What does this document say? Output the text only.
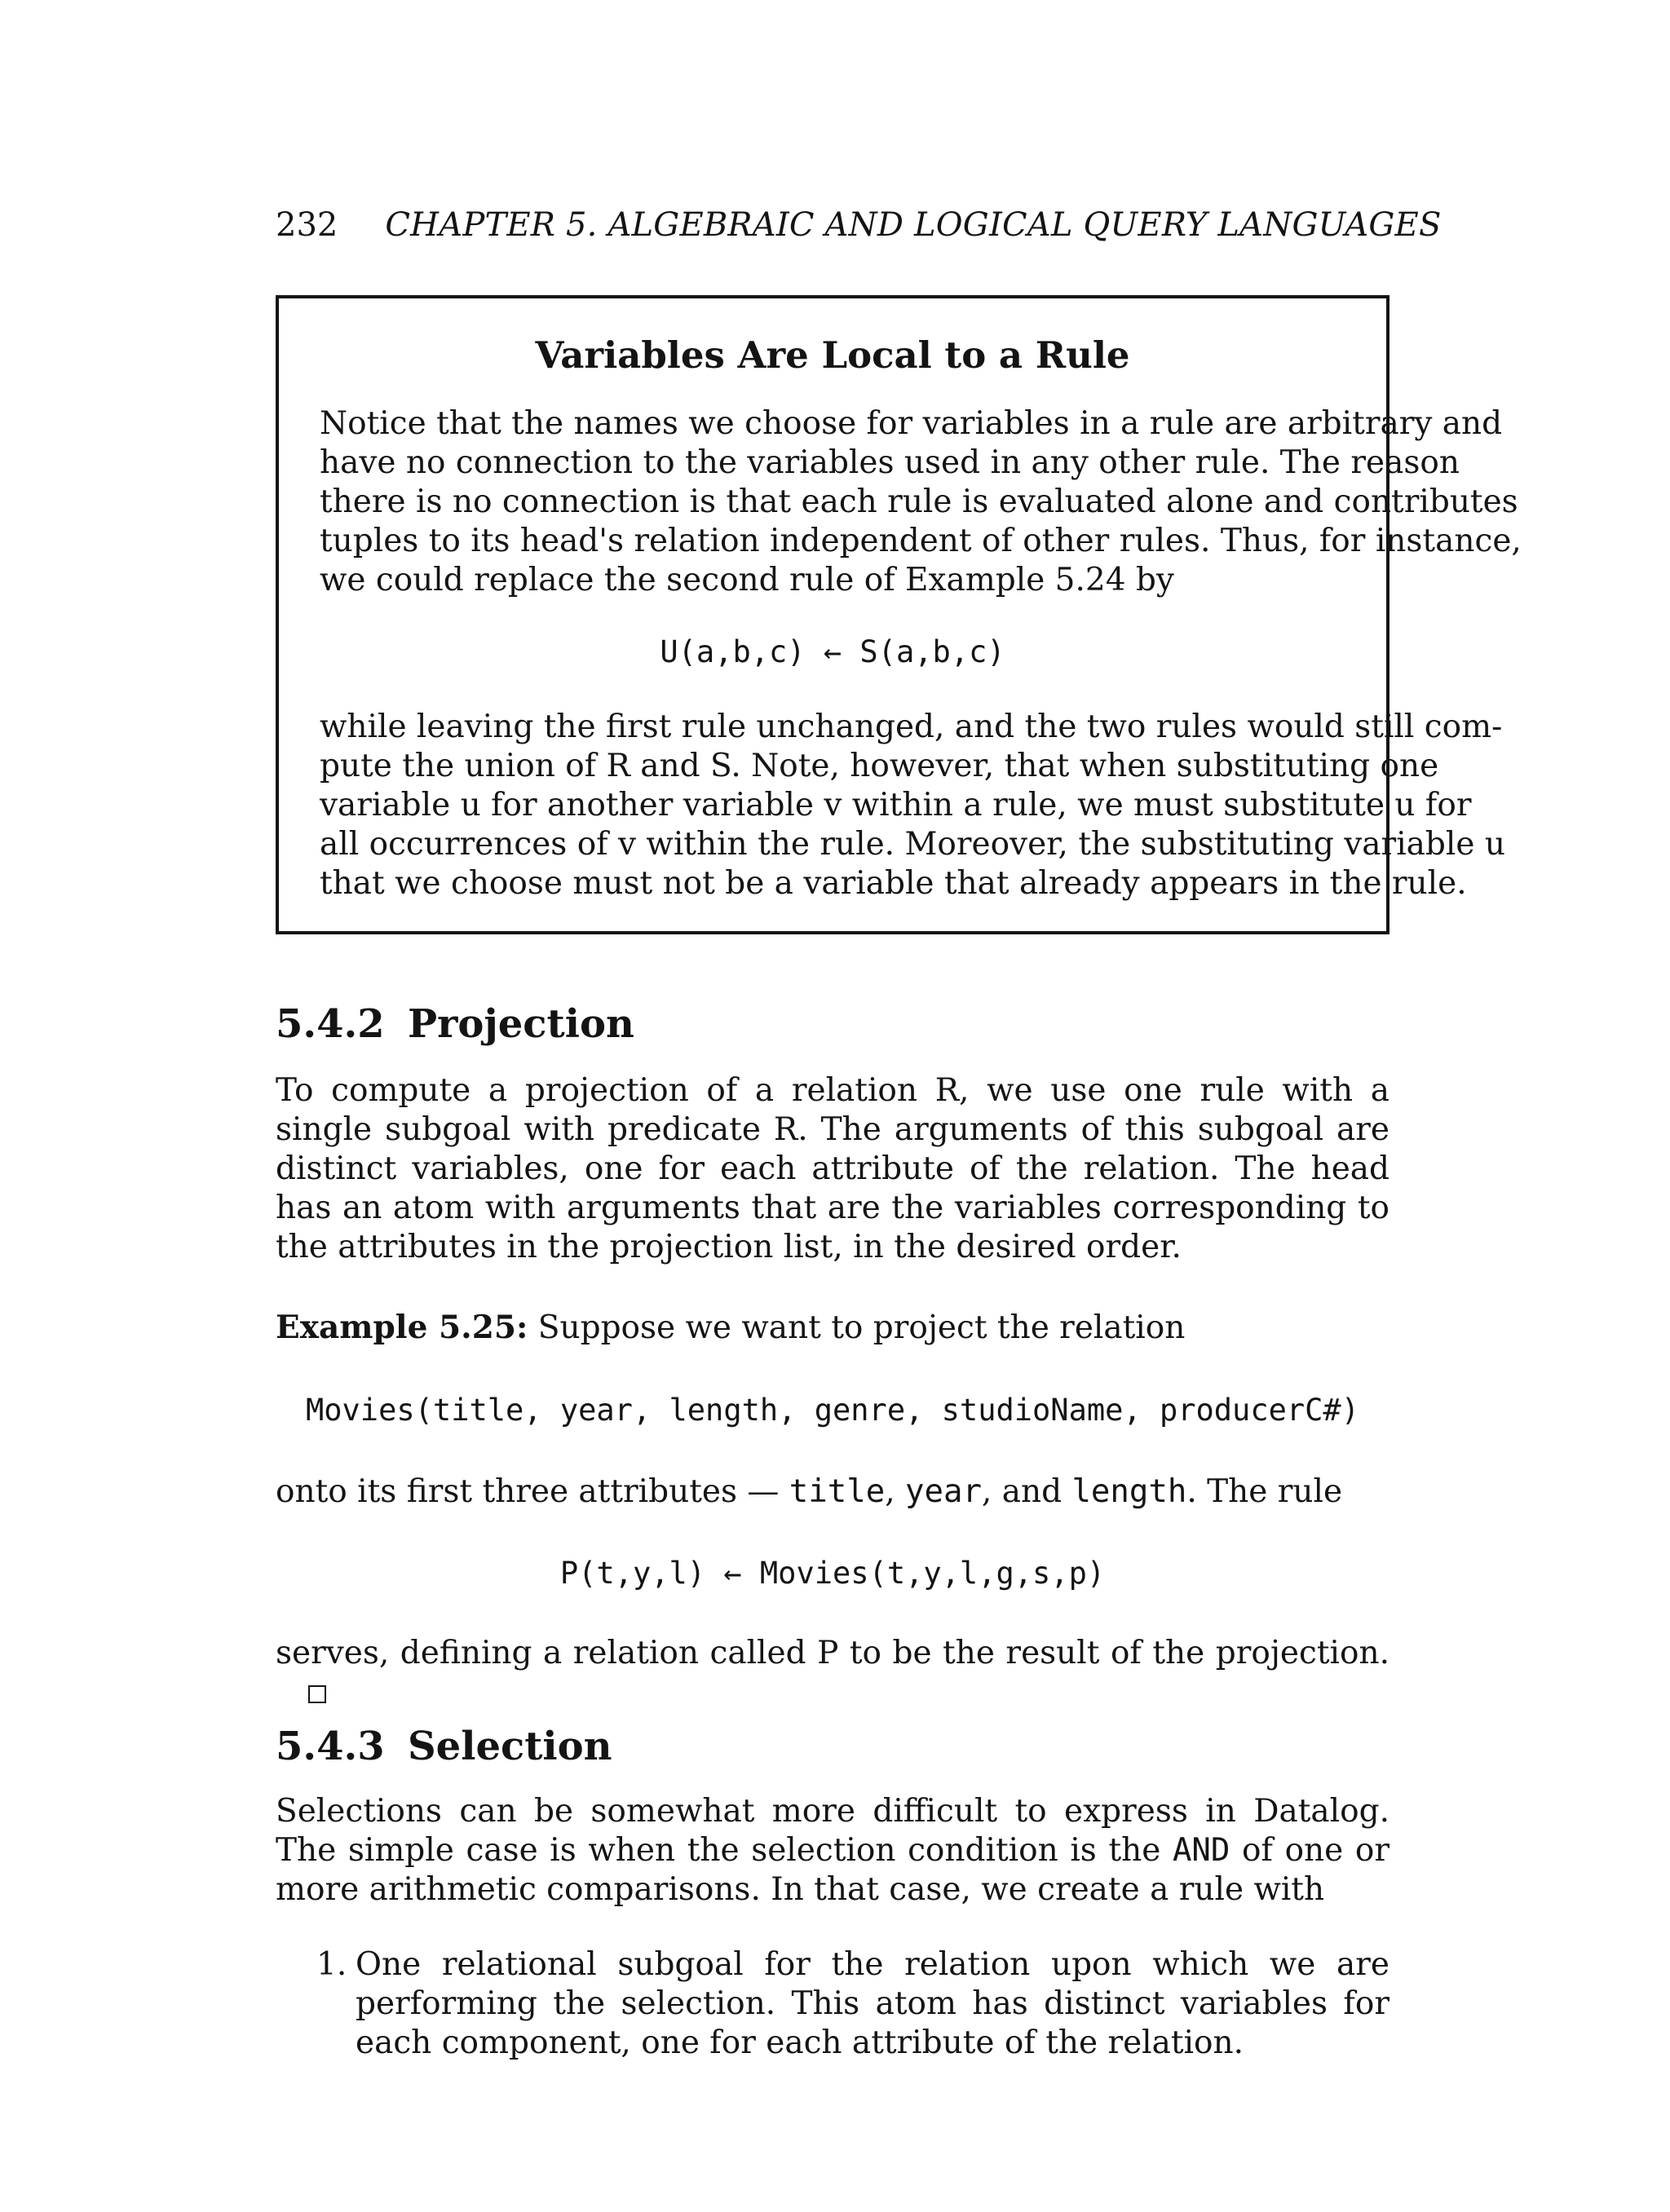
232 CHAPTER 5. ALGEBRAIC AND LOGICAL QUERY LANGUAGES
Variables Are Local to a Rule
Notice that the names we choose for variables in a rule are arbitrary and
have no connection to the variables used in any other rule. The reason
there is no connection is that each rule is evaluated alone and contributes
tuples to its head's relation independent of other rules. Thus, for instance,
we could replace the second rule of Example 5.24 by
U(a,b,c) ← S(a,b,c)
while leaving the first rule unchanged, and the two rules would still com-
pute the union of R and S. Note, however, that when substituting one
variable u for another variable v within a rule, we must substitute u for
all occurrences of v within the rule. Moreover, the substituting variable u
that we choose must not be a variable that already appears in the rule.
5.4.2 Projection

To compute a projection of a relation R, we use one rule with a single subgoal with predicate R. The arguments of this subgoal are distinct variables, one for each attribute of the relation. The head has an atom with arguments that are the variables corresponding to the attributes in the projection list, in the desired order.

Example 5.25: Suppose we want to project the relation

Movies(title, year, length, genre, studioName, producerC#)

onto its first three attributes — title, year, and length. The rule

P(t,y,l) ← Movies(t,y,l,g,s,p)

serves, defining a relation called P to be the result of the projection.

5.4.3 Selection

Selections can be somewhat more difficult to express in Datalog. The simple case is when the selection condition is the AND of one or more arithmetic comparisons. In that case, we create a rule with

1. One relational subgoal for the relation upon which we are performing the selection. This atom has distinct variables for each component, one for each attribute of the relation.
